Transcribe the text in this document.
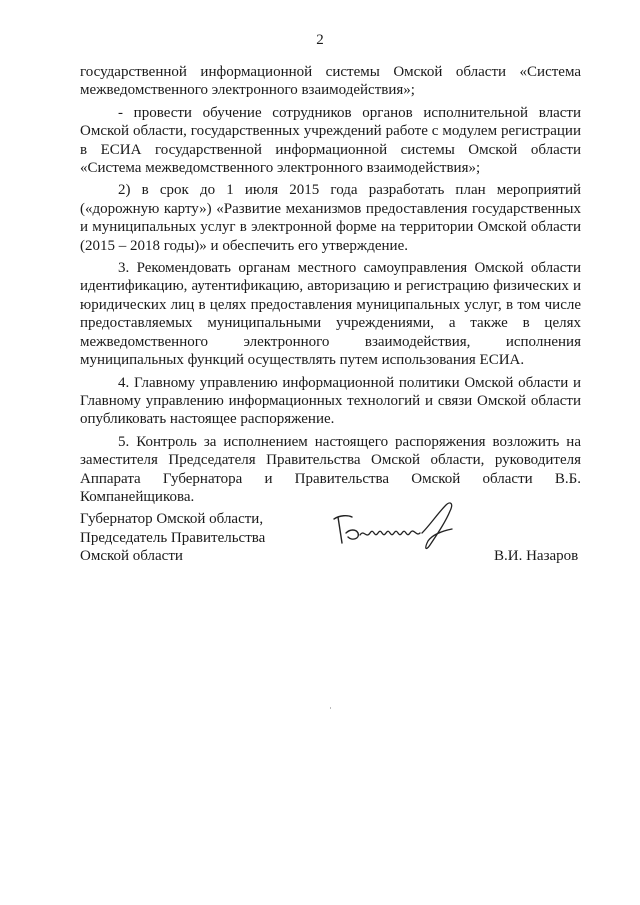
2

государственной информационной системы Омской области «Система межведомственного электронного взаимодействия»;

- провести обучение сотрудников органов исполнительной власти Омской области, государственных учреждений работе с модулем регистрации в ЕСИА государственной информационной системы Омской области «Система межведомственного электронного взаимодействия»;

2) в срок до 1 июля 2015 года разработать план мероприятий («дорожную карту») «Развитие механизмов предоставления государственных и муниципальных услуг в электронной форме на территории Омской области (2015 – 2018 годы)» и обеспечить его утверждение.

3. Рекомендовать органам местного самоуправления Омской области идентификацию, аутентификацию, авторизацию и регистрацию физических и юридических лиц в целях предоставления муниципальных услуг, в том числе предоставляемых муниципальными учреждениями, а также в целях межведомственного электронного взаимодействия, исполнения муниципальных функций осуществлять путем использования ЕСИА.

4. Главному управлению информационной политики Омской области и Главному управлению информационных технологий и связи Омской области опубликовать настоящее распоряжение.

5. Контроль за исполнением настоящего распоряжения возложить на заместителя Председателя Правительства Омской области, руководителя Аппарата Губернатора и Правительства Омской области В.Б. Компанейщикова.

Губернатор Омской области,
Председатель Правительства
Омской области	В.И. Назаров
